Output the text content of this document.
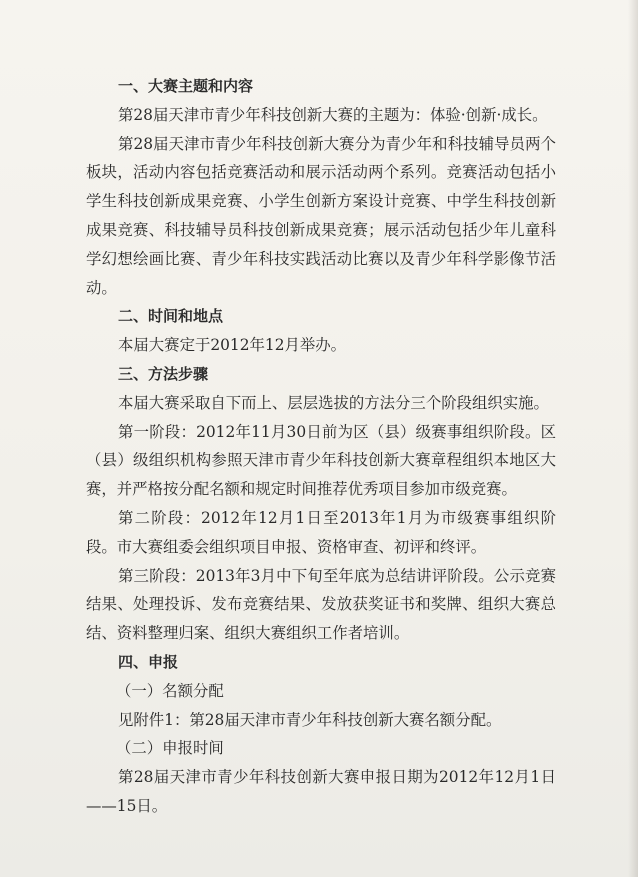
一、大赛主题和内容

第28届天津市青少年科技创新大赛的主题为：体验·创新·成长。

第28届天津市青少年科技创新大赛分为青少年和科技辅导员两个板块，活动内容包括竞赛活动和展示活动两个系列。竞赛活动包括小学生科技创新成果竞赛、小学生创新方案设计竞赛、中学生科技创新成果竞赛、科技辅导员科技创新成果竞赛；展示活动包括少年儿童科学幻想绘画比赛、青少年科技实践活动比赛以及青少年科学影像节活动。

二、时间和地点

本届大赛定于2012年12月举办。

三、方法步骤

本届大赛采取自下而上、层层选拔的方法分三个阶段组织实施。

第一阶段：2012年11月30日前为区（县）级赛事组织阶段。区（县）级组织机构参照天津市青少年科技创新大赛章程组织本地区大赛，并严格按分配名额和规定时间推荐优秀项目参加市级竞赛。

第二阶段：2012年12月1日至2013年1月为市级赛事组织阶段。市大赛组委会组织项目申报、资格审查、初评和终评。

第三阶段：2013年3月中下旬至年底为总结讲评阶段。公示竞赛结果、处理投诉、发布竞赛结果、发放获奖证书和奖牌、组织大赛总结、资料整理归案、组织大赛组织工作者培训。

四、申报

（一）名额分配

见附件1：第28届天津市青少年科技创新大赛名额分配。

（二）申报时间

第28届天津市青少年科技创新大赛申报日期为2012年12月1日——15日。
